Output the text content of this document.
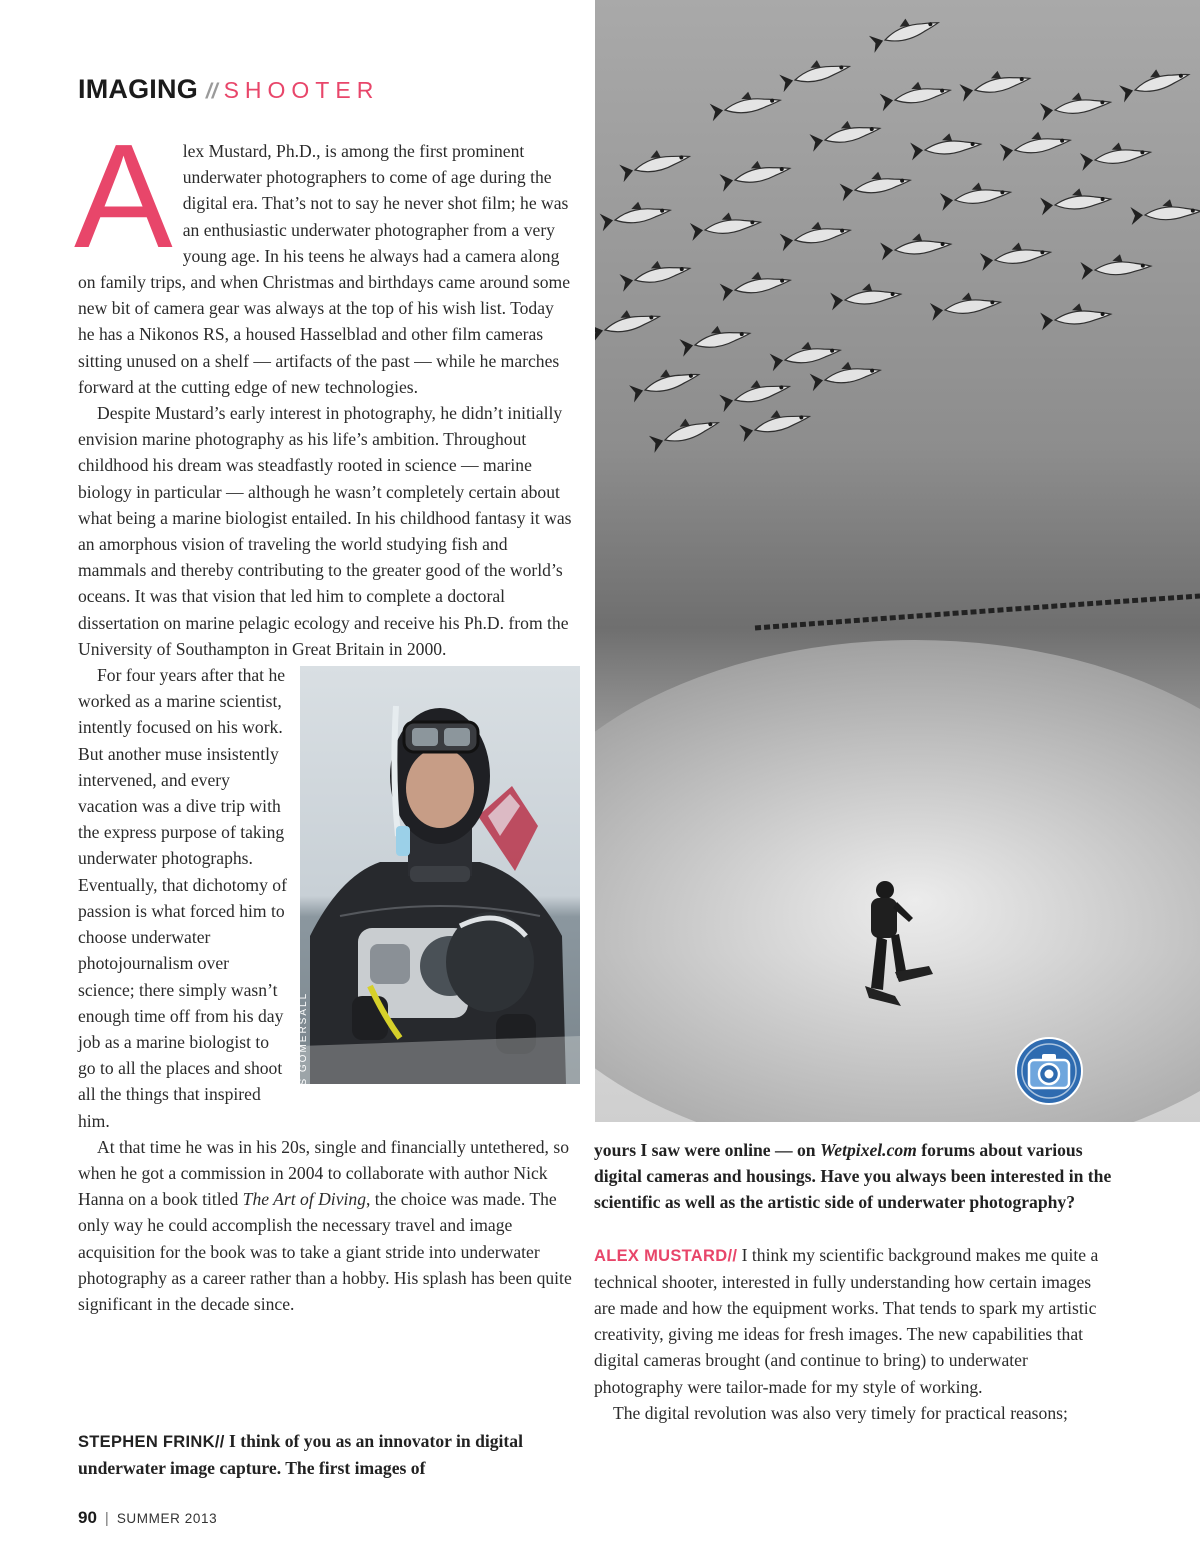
IMAGING // SHOOTER
A lex Mustard, Ph.D., is among the first prominent underwater photographers to come of age during the digital era. That’s not to say he never shot film; he was an enthusiastic underwater photographer from a very young age. In his teens he always had a camera along on family trips, and when Christmas and birthdays came around some new bit of camera gear was always at the top of his wish list. Today he has a Nikonos RS, a housed Hasselblad and other film cameras sitting unused on a shelf — artifacts of the past — while he marches forward at the cutting edge of new technologies.

Despite Mustard’s early interest in photography, he didn’t initially envision marine photography as his life’s ambition. Throughout childhood his dream was steadfastly rooted in science — marine biology in particular — although he wasn’t completely certain about what being a marine biologist entailed. In his childhood fantasy it was an amorphous vision of traveling the world studying fish and mammals and thereby contributing to the greater good of the world’s oceans. It was that vision that led him to complete a doctoral dissertation on marine pelagic ecology and receive his Ph.D. from the University of Southampton in Great Britain in 2000.

For four years after that he worked as a marine scientist, intently focused on his work. But another muse insistently intervened, and every vacation was a dive trip with the express purpose of taking underwater photographs. Eventually, that dichotomy of passion is what forced him to choose underwater photojournalism over science; there simply wasn’t enough time off from his day job as a marine biologist to go to all the places and shoot all the things that inspired him.

At that time he was in his 20s, single and financially untethered, so when he got a commission in 2004 to collaborate with author Nick Hanna on a book titled The Art of Diving, the choice was made. The only way he could accomplish the necessary travel and image acquisition for the book was to take a giant stride into underwater photography as a career rather than a hobby. His splash has been quite significant in the decade since.

CHRIS GOMERSALL
STEPHEN FRINK// I think of you as an innovator in digital underwater image capture. The first images of

yours I saw were online — on Wetpixel.com forums about various digital cameras and housings. Have you always been interested in the scientific as well as the artistic side of underwater photography?

ALEX MUSTARD// I think my scientific background makes me quite a technical shooter, interested in fully understanding how certain images are made and how the equipment works. That tends to spark my artistic creativity, giving me ideas for fresh images. The new capabilities that digital cameras brought (and continue to bring) to underwater photography were tailor-made for my style of working.

The digital revolution was also very timely for practical reasons;

90 | SUMMER 2013
